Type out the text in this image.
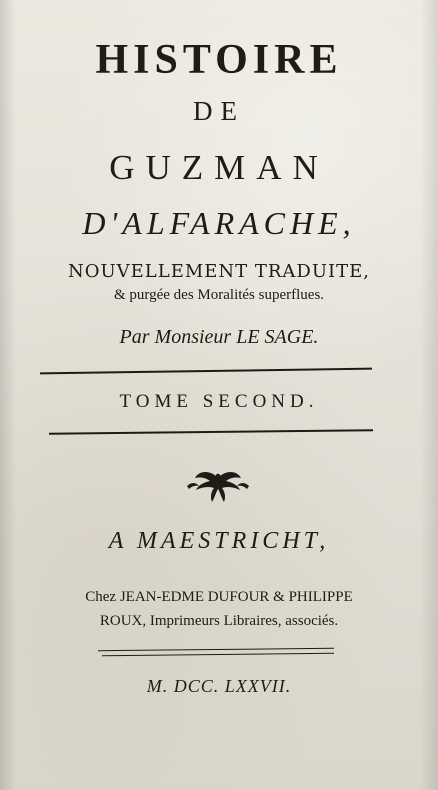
HISTOIRE
DE
GUZMAN
D'ALFARACHE,
NOUVELLEMENT TRADUITE,
& purgée des Moralités superflues.
Par Monsieur LE SAGE.
TOME SECOND.
A MAESTRICHT,
Chez JEAN-EDME DUFOUR & PHILIPPE
ROUX, Imprimeurs Libraires, associés.
M. DCC. LXXVII.
